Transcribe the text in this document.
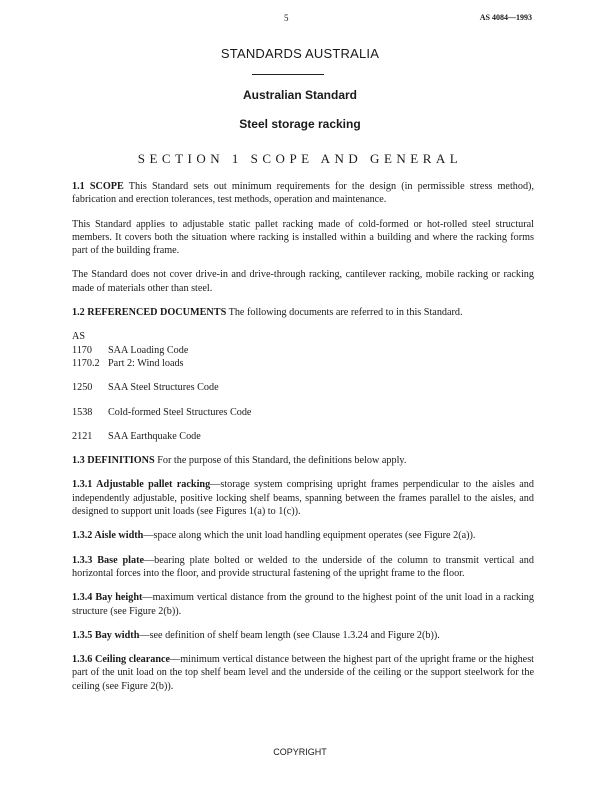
5	AS 4084—1993
STANDARDS AUSTRALIA
Australian Standard
Steel storage racking
SECTION 1 SCOPE AND GENERAL

1.1 SCOPE This Standard sets out minimum requirements for the design (in permissible stress method), fabrication and erection tolerances, test methods, operation and maintenance.

This Standard applies to adjustable static pallet racking made of cold-formed or hot-rolled steel structural members. It covers both the situation where racking is installed within a building and where the racking forms part of the building frame.

The Standard does not cover drive-in and drive-through racking, cantilever racking, mobile racking or racking made of materials other than steel.

1.2 REFERENCED DOCUMENTS The following documents are referred to in this Standard.

AS
1170	SAA Loading Code
1170.2 Part 2: Wind loads
1250	SAA Steel Structures Code
1538	Cold-formed Steel Structures Code
2121	SAA Earthquake Code

1.3 DEFINITIONS For the purpose of this Standard, the definitions below apply.

1.3.1 Adjustable pallet racking—storage system comprising upright frames perpendicular to the aisles and independently adjustable, positive locking shelf beams, spanning between the frames parallel to the aisles, and designed to support unit loads (see Figures 1(a) to 1(c)).

1.3.2 Aisle width—space along which the unit load handling equipment operates (see Figure 2(a)).

1.3.3 Base plate—bearing plate bolted or welded to the underside of the column to transmit vertical and horizontal forces into the floor, and provide structural fastening of the upright frame to the floor.

1.3.4 Bay height—maximum vertical distance from the ground to the highest point of the unit load in a racking structure (see Figure 2(b)).

1.3.5 Bay width—see definition of shelf beam length (see Clause 1.3.24 and Figure 2(b)).

1.3.6 Ceiling clearance—minimum vertical distance between the highest part of the upright frame or the highest part of the unit load on the top shelf beam level and the underside of the ceiling or the support steelwork for the ceiling (see Figure 2(b)).

COPYRIGHT
